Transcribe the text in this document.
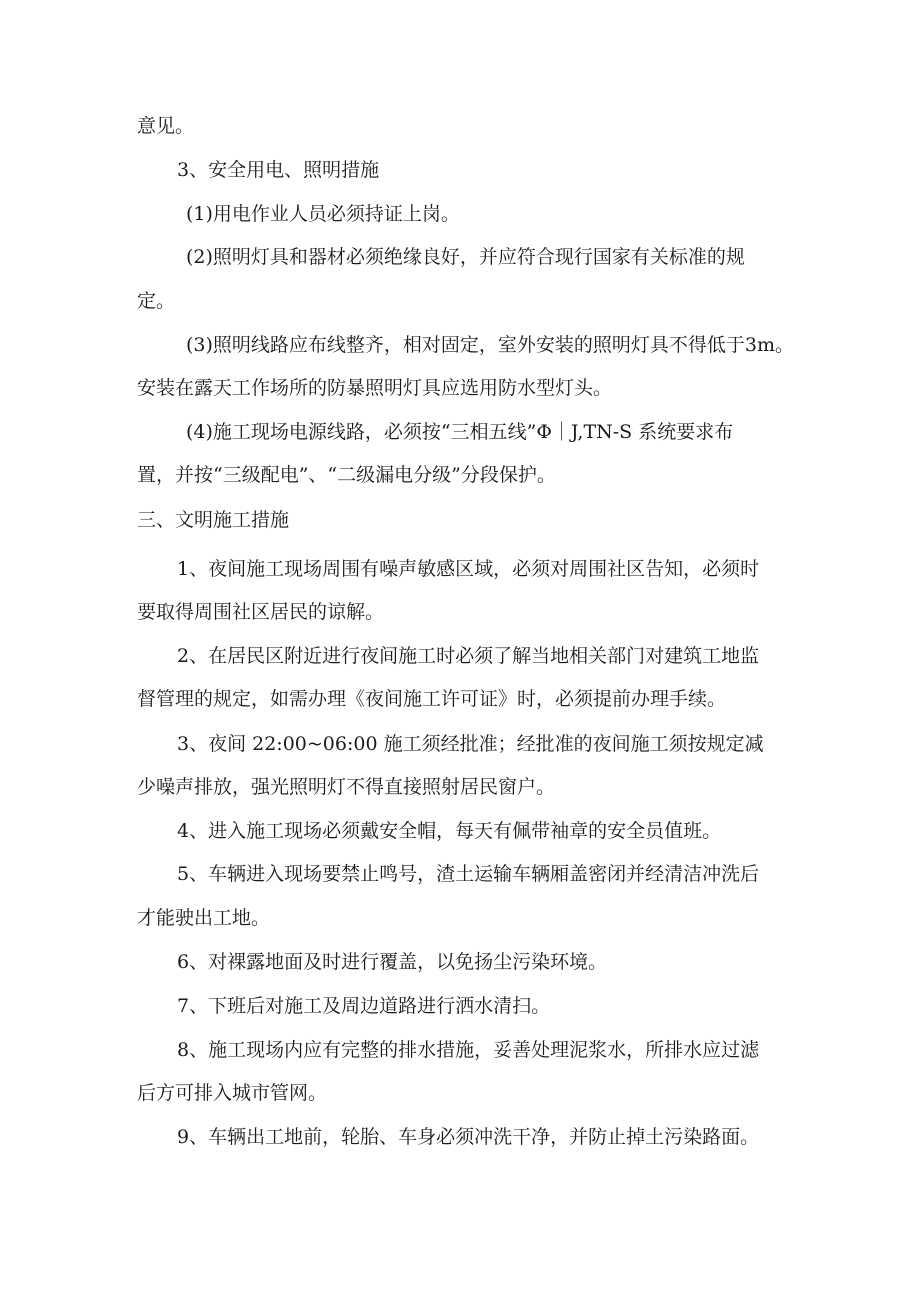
意见。

3、安全用电、照明措施

(1)用电作业人员必须持证上岗。

(2)照明灯具和器材必须绝缘良好，并应符合现行国家有关标准的规

定。

(3)照明线路应布线整齐，相对固定，室外安装的照明灯具不得低于3m。

安装在露天工作场所的防暴照明灯具应选用防水型灯头。

(4)施工现场电源线路，必须按“三相五线”Φ｜J,TN-S 系统要求布

置，并按“三级配电”、“二级漏电分级”分段保护。

三、文明施工措施

1、夜间施工现场周围有噪声敏感区域，必须对周围社区告知，必须时

要取得周围社区居民的谅解。

2、在居民区附近进行夜间施工时必须了解当地相关部门对建筑工地监

督管理的规定，如需办理《夜间施工许可证》时，必须提前办理手续。

3、夜间 22:00~06:00 施工须经批准；经批准的夜间施工须按规定减

少噪声排放，强光照明灯不得直接照射居民窗户。

4、进入施工现场必须戴安全帽，每天有佩带袖章的安全员值班。

5、车辆进入现场要禁止鸣号，渣土运输车辆厢盖密闭并经清洁冲洗后

才能驶出工地。

6、对裸露地面及时进行覆盖，以免扬尘污染环境。

7、下班后对施工及周边道路进行洒水清扫。

8、施工现场内应有完整的排水措施，妥善处理泥浆水，所排水应过滤

后方可排入城市管网。

9、车辆出工地前，轮胎、车身必须冲洗干净，并防止掉土污染路面。
